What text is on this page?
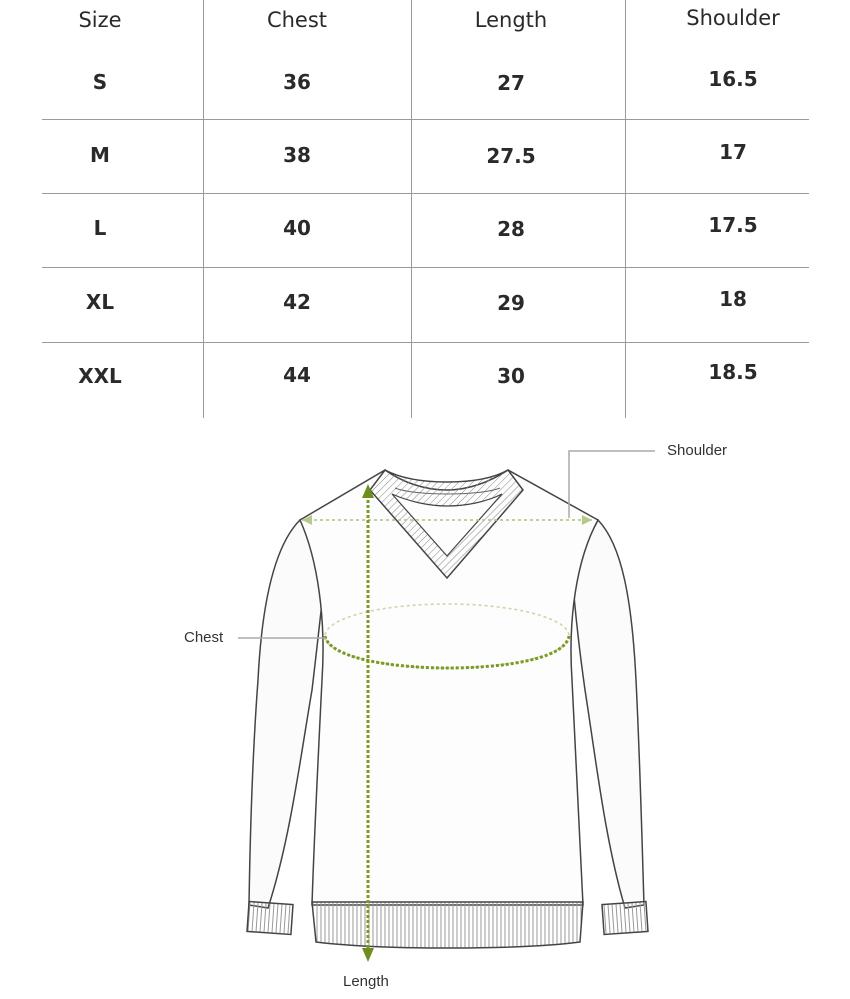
Size	Chest	Length	Shoulder
S	36	27	16.5
M	38	27.5	17
L	40	28	17.5
XL	42	29	18
XXL	44	30	18.5
Shoulder
Chest
Length
